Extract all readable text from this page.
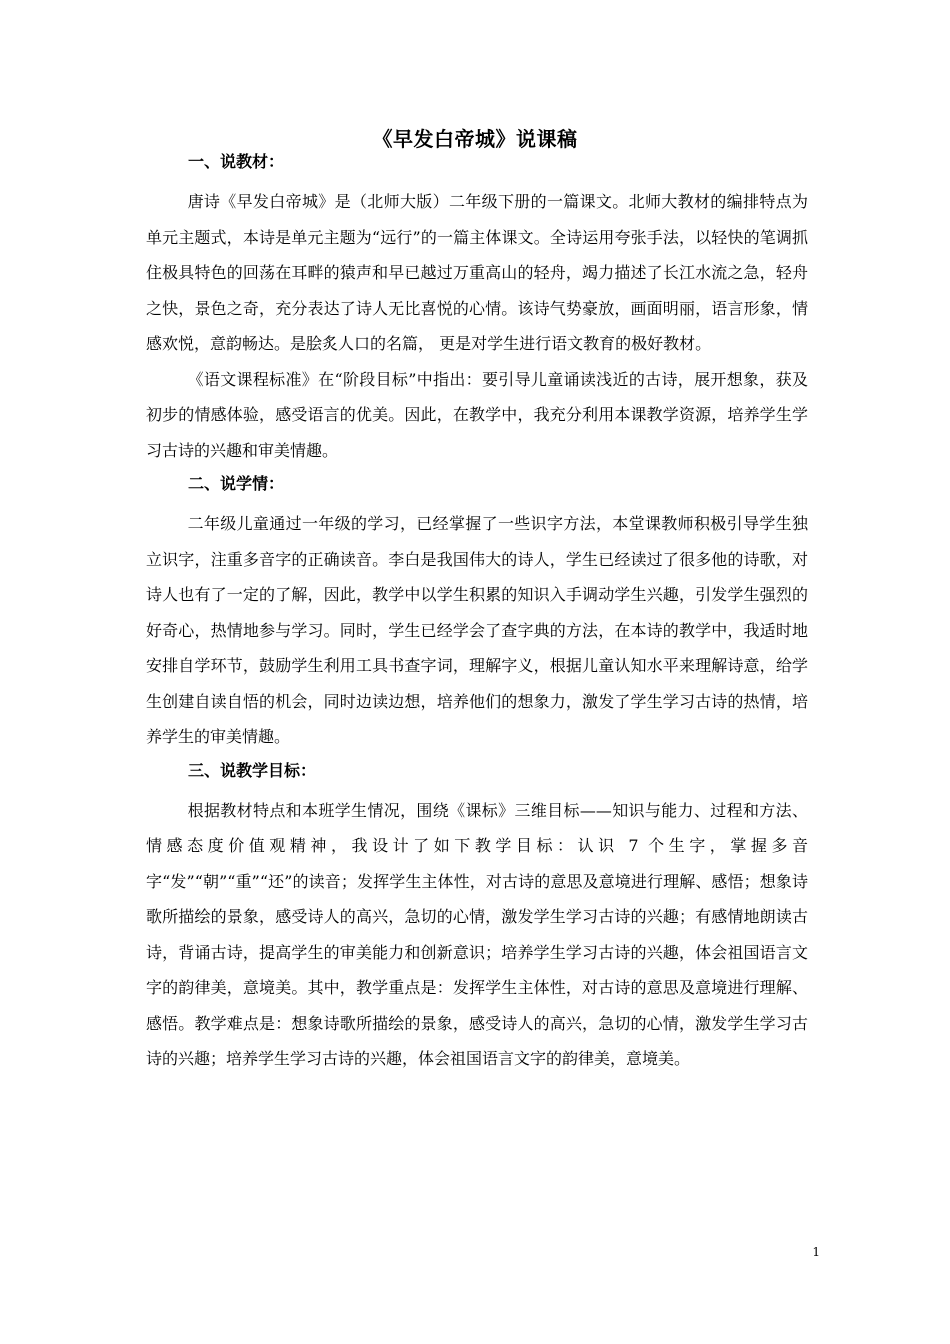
《早发白帝城》说课稿
一、说教材：

唐诗《早发白帝城》是（北师大版）二年级下册的一篇课文。北师大教材的编排特点为单元主题式，本诗是单元主题为“远行”的一篇主体课文。全诗运用夸张手法，以轻快的笔调抓住极具特色的回荡在耳畔的猿声和早已越过万重高山的轻舟，竭力描述了长江水流之急，轻舟之快，景色之奇，充分表达了诗人无比喜悦的心情。该诗气势豪放，画面明丽，语言形象，情感欢悦，意韵畅达。是脍炙人口的名篇， 更是对学生进行语文教育的极好教材。

《语文课程标准》在“阶段目标”中指出：要引导儿童诵读浅近的古诗，展开想象，获及初步的情感体验，感受语言的优美。因此，在教学中，我充分利用本课教学资源，培养学生学习古诗的兴趣和审美情趣。

二、说学情：

二年级儿童通过一年级的学习，已经掌握了一些识字方法，本堂课教师积极引导学生独立识字，注重多音字的正确读音。李白是我国伟大的诗人，学生已经读过了很多他的诗歌，对诗人也有了一定的了解，因此，教学中以学生积累的知识入手调动学生兴趣，引发学生强烈的好奇心，热情地参与学习。同时，学生已经学会了查字典的方法，在本诗的教学中，我适时地安排自学环节，鼓励学生利用工具书查字词，理解字义，根据儿童认知水平来理解诗意，给学生创建自读自悟的机会，同时边读边想，培养他们的想象力，激发了学生学习古诗的热情，培养学生的审美情趣。

三、说教学目标：

根据教材特点和本班学生情况，围绕《课标》三维目标——知识与能力、过程和方法、情感态度价值观精神，我设计了如下教学目标：认识 7 个生字，掌握多音字“发”“朝”“重”“还”的读音；发挥学生主体性，对古诗的意思及意境进行理解、感悟；想象诗歌所描绘的景象，感受诗人的高兴，急切的心情，激发学生学习古诗的兴趣；有感情地朗读古诗，背诵古诗，提高学生的审美能力和创新意识；培养学生学习古诗的兴趣，体会祖国语言文字的韵律美，意境美。其中，教学重点是：发挥学生主体性，对古诗的意思及意境进行理解、感悟。教学难点是：想象诗歌所描绘的景象，感受诗人的高兴，急切的心情，激发学生学习古诗的兴趣；培养学生学习古诗的兴趣，体会祖国语言文字的韵律美，意境美。

1
